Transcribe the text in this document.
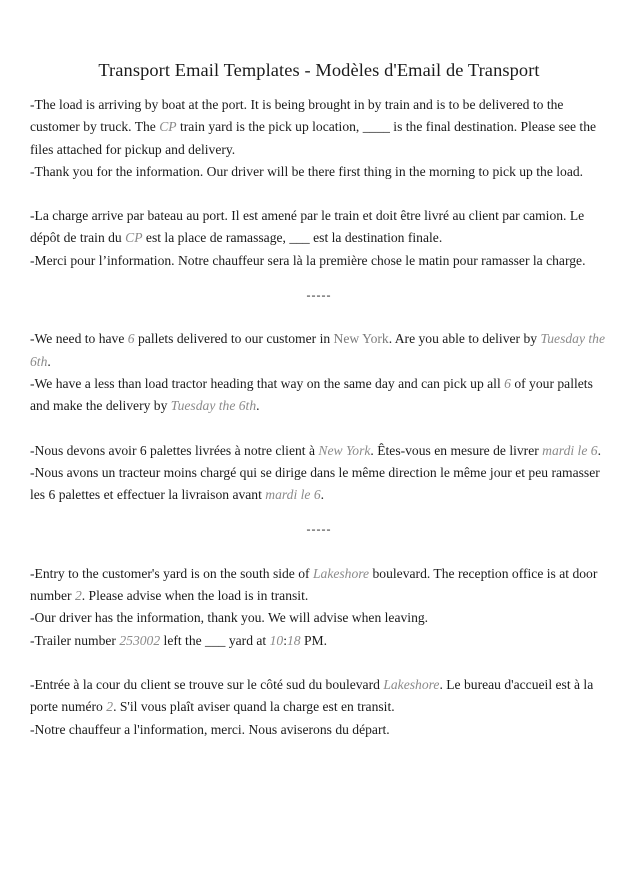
Transport Email Templates - Modèles d'Email de Transport

-The load is arriving by boat at the port. It is being brought in by train and is to be delivered to the customer by truck. The CP train yard is the pick up location, ____ is the final destination. Please see the files attached for pickup and delivery.

-Thank you for the information. Our driver will be there first thing in the morning to pick up the load.

-La charge arrive par bateau au port. Il est amené par le train et doit être livré au client par camion. Le dépôt de train du CP est la place de ramassage, ___ est la destination finale.

-Merci pour l’information. Notre chauffeur sera là la première chose le matin pour ramasser la charge.

-----

-We need to have 6 pallets delivered to our customer in New York. Are you able to deliver by Tuesday the 6th.

-We have a less than load tractor heading that way on the same day and can pick up all 6 of your pallets and make the delivery by Tuesday the 6th.

-Nous devons avoir 6 palettes livrées à notre client à New York. Êtes-vous en mesure de livrer mardi le 6.

-Nous avons un tracteur moins chargé qui se dirige dans le même direction le même jour et peu ramasser les 6 palettes et effectuer la livraison avant mardi le 6.

-----

-Entry to the customer's yard is on the south side of Lakeshore boulevard. The reception office is at door number 2. Please advise when the load is in transit.

-Our driver has the information, thank you. We will advise when leaving.

-Trailer number 253002 left the ___ yard at 10:18 PM.

-Entrée à la cour du client se trouve sur le côté sud du boulevard Lakeshore. Le bureau d'accueil est à la porte numéro 2. S'il vous plaît aviser quand la charge est en transit.

-Notre chauffeur a l'information, merci. Nous aviserons du départ.
